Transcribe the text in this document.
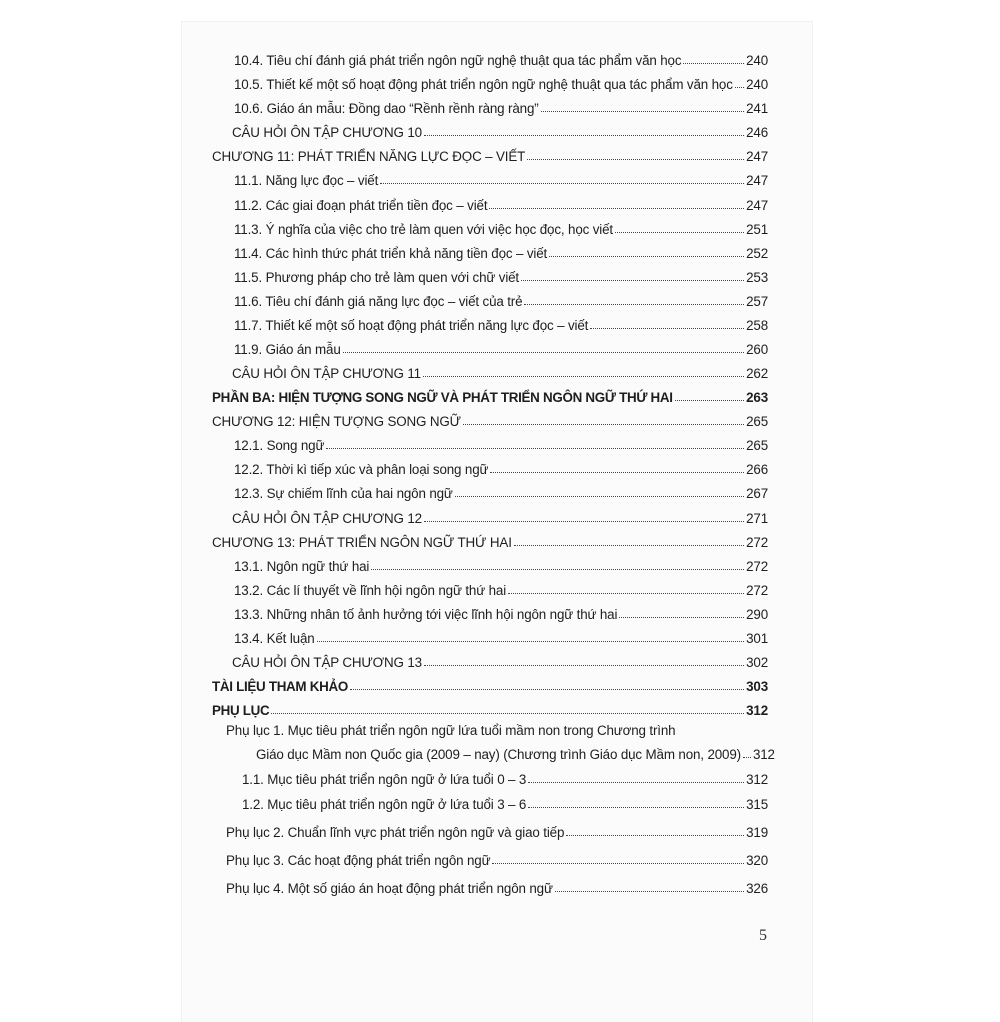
10.4. Tiêu chí đánh giá phát triển ngôn ngữ nghệ thuật qua tác phẩm văn học	240
10.5. Thiết kế một số hoạt động phát triển ngôn ngữ nghệ thuật qua tác phẩm văn học 240
10.6. Giáo án mẫu: Đồng dao “Rềnh rềnh ràng ràng”	241
CÂU HỎI ÔN TẬP CHƯƠNG 10	246
CHƯƠNG 11: PHÁT TRIỂN NĂNG LỰC ĐỌC – VIẾT	247
11.1. Năng lực đọc – viết	247
11.2. Các giai đoạn phát triển tiền đọc – viết	247
11.3. Ý nghĩa của việc cho trẻ làm quen với việc học đọc, học viết	251
11.4. Các hình thức phát triển khả năng tiền đọc – viết	252
11.5. Phương pháp cho trẻ làm quen với chữ viết	253
11.6. Tiêu chí đánh giá năng lực đọc – viết của trẻ	257
11.7. Thiết kế một số hoạt động phát triển năng lực đọc – viết	258
11.9. Giáo án mẫu	260
CÂU HỎI ÔN TẬP CHƯƠNG 11	262
PHẦN BA: HIỆN TƯỢNG SONG NGỮ VÀ PHÁT TRIỂN NGÔN NGỮ THỨ HAI	263
CHƯƠNG 12: HIỆN TƯỢNG SONG NGỮ	265
12.1. Song ngữ	265
12.2. Thời kì tiếp xúc và phân loại song ngữ	266
12.3. Sự chiếm lĩnh của hai ngôn ngữ	267
CÂU HỎI ÔN TẬP CHƯƠNG 12	271
CHƯƠNG 13: PHÁT TRIỂN NGÔN NGỮ THỨ HAI	272
13.1. Ngôn ngữ thứ hai	272
13.2. Các lí thuyết về lĩnh hội ngôn ngữ thứ hai	272
13.3. Những nhân tố ảnh hưởng tới việc lĩnh hội ngôn ngữ thứ hai	290
13.4. Kết luận	301
CÂU HỎI ÔN TẬP CHƯƠNG 13	302
TÀI LIỆU THAM KHẢO	303
PHỤ LỤC	312
Phụ lục 1. Mục tiêu phát triển ngôn ngữ lứa tuổi mầm non trong Chương trình
Giáo dục Mầm non Quốc gia (2009 – nay) (Chương trình Giáo dục Mầm non, 2009) 312
1.1. Mục tiêu phát triển ngôn ngữ ở lứa tuổi 0 – 3	312
1.2. Mục tiêu phát triển ngôn ngữ ở lứa tuổi 3 – 6	315
Phụ lục 2. Chuẩn lĩnh vực phát triển ngôn ngữ và giao tiếp	319
Phụ lục 3. Các hoạt động phát triển ngôn ngữ	320
Phụ lục 4. Một số giáo án hoạt động phát triển ngôn ngữ	326
5
